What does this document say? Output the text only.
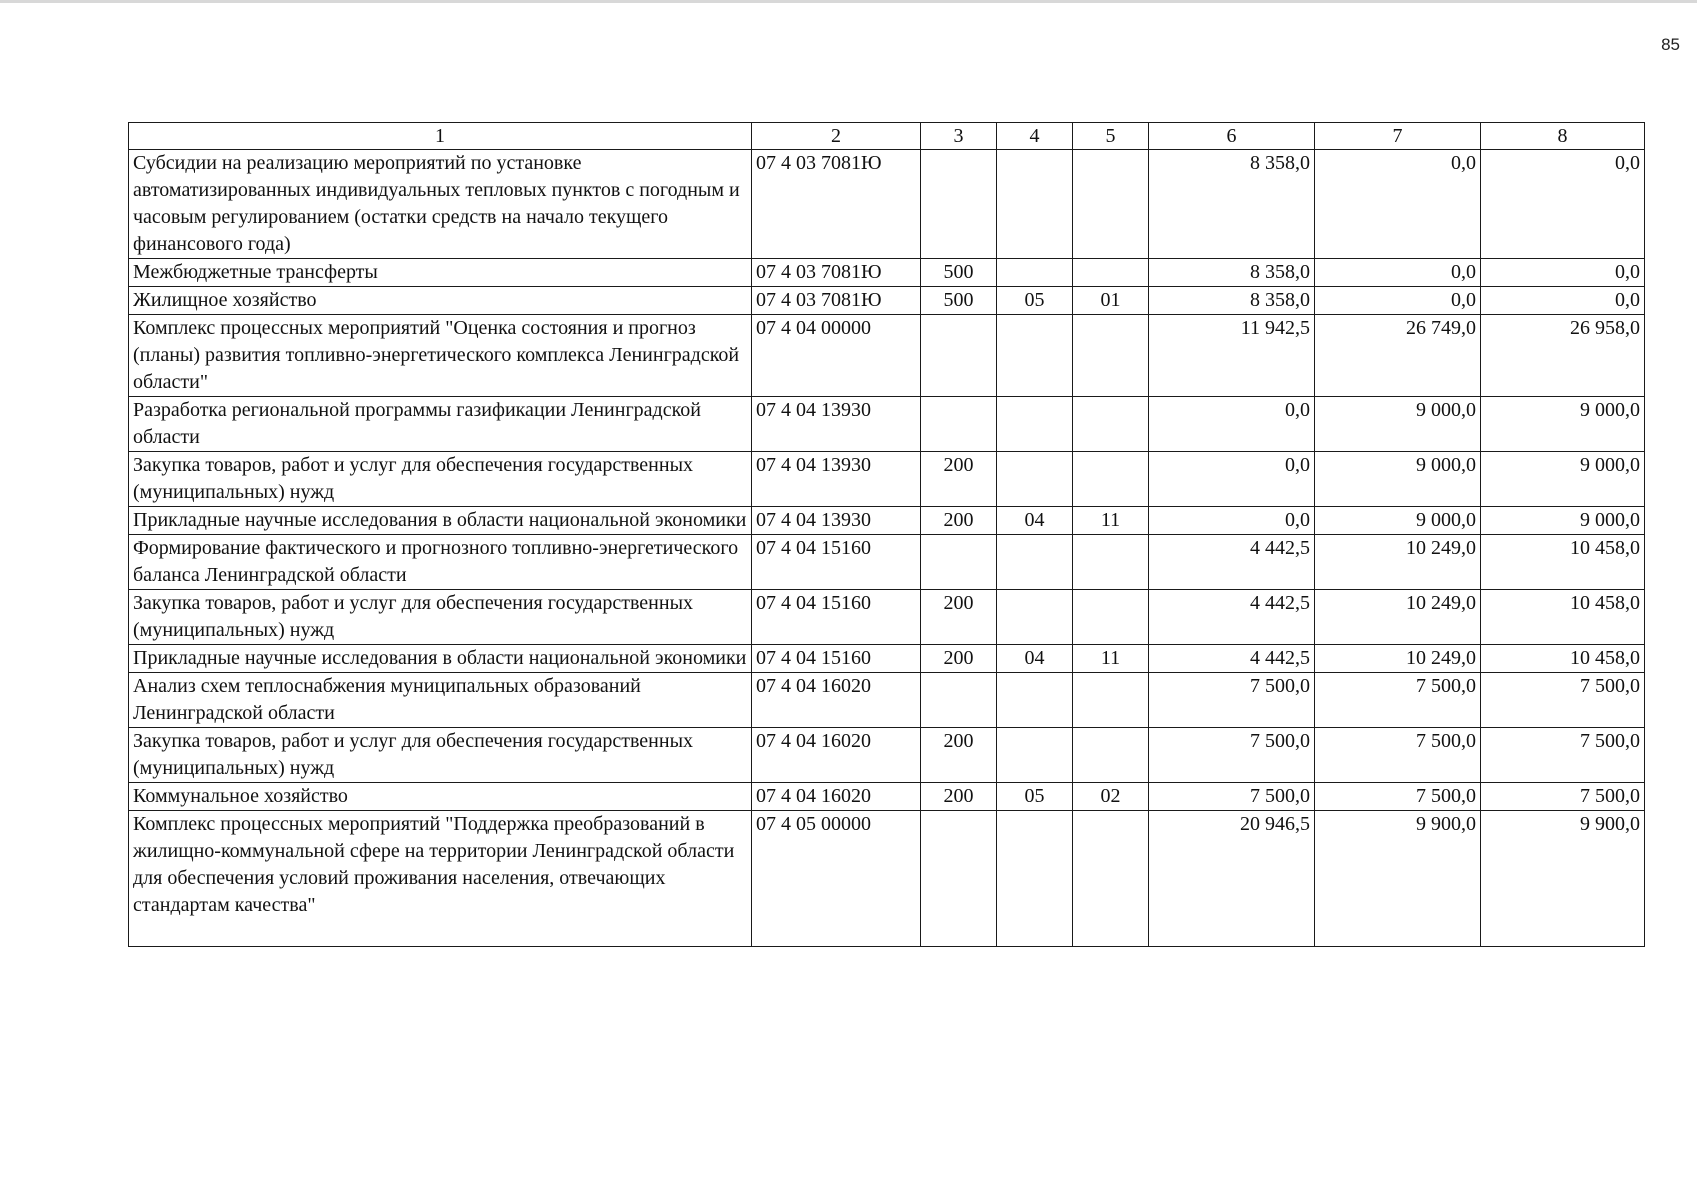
85
1	2	3	4	5	6	7	8
Субсидии на реализацию мероприятий по установке автоматизированных индивидуальных тепловых пунктов с погодным и часовым регулированием (остатки средств на начало текущего финансового года)	07 4 03 7081Ю				8 358,0	0,0	0,0
Межбюджетные трансферты	07 4 03 7081Ю	500			8 358,0	0,0	0,0
Жилищное хозяйство	07 4 03 7081Ю	500	05	01	8 358,0	0,0	0,0
Комплекс процессных мероприятий "Оценка состояния и прогноз (планы) развития топливно-энергетического комплекса Ленинградской области"	07 4 04 00000				11 942,5	26 749,0	26 958,0
Разработка региональной программы газификации Ленинградской области	07 4 04 13930				0,0	9 000,0	9 000,0
Закупка товаров, работ и услуг для обеспечения государственных (муниципальных) нужд	07 4 04 13930	200			0,0	9 000,0	9 000,0
Прикладные научные исследования в области национальной экономики	07 4 04 13930	200	04	11	0,0	9 000,0	9 000,0
Формирование фактического и прогнозного топливно-энергетического баланса Ленинградской области	07 4 04 15160				4 442,5	10 249,0	10 458,0
Закупка товаров, работ и услуг для обеспечения государственных (муниципальных) нужд	07 4 04 15160	200			4 442,5	10 249,0	10 458,0
Прикладные научные исследования в области национальной экономики	07 4 04 15160	200	04	11	4 442,5	10 249,0	10 458,0
Анализ схем теплоснабжения муниципальных образований Ленинградской области	07 4 04 16020				7 500,0	7 500,0	7 500,0
Закупка товаров, работ и услуг для обеспечения государственных (муниципальных) нужд	07 4 04 16020	200			7 500,0	7 500,0	7 500,0
Коммунальное хозяйство	07 4 04 16020	200	05	02	7 500,0	7 500,0	7 500,0
Комплекс процессных мероприятий "Поддержка преобразований в жилищно-коммунальной сфере на территории Ленинградской области для обеспечения условий проживания населения, отвечающих стандартам качества"	07 4 05 00000				20 946,5	9 900,0	9 900,0
